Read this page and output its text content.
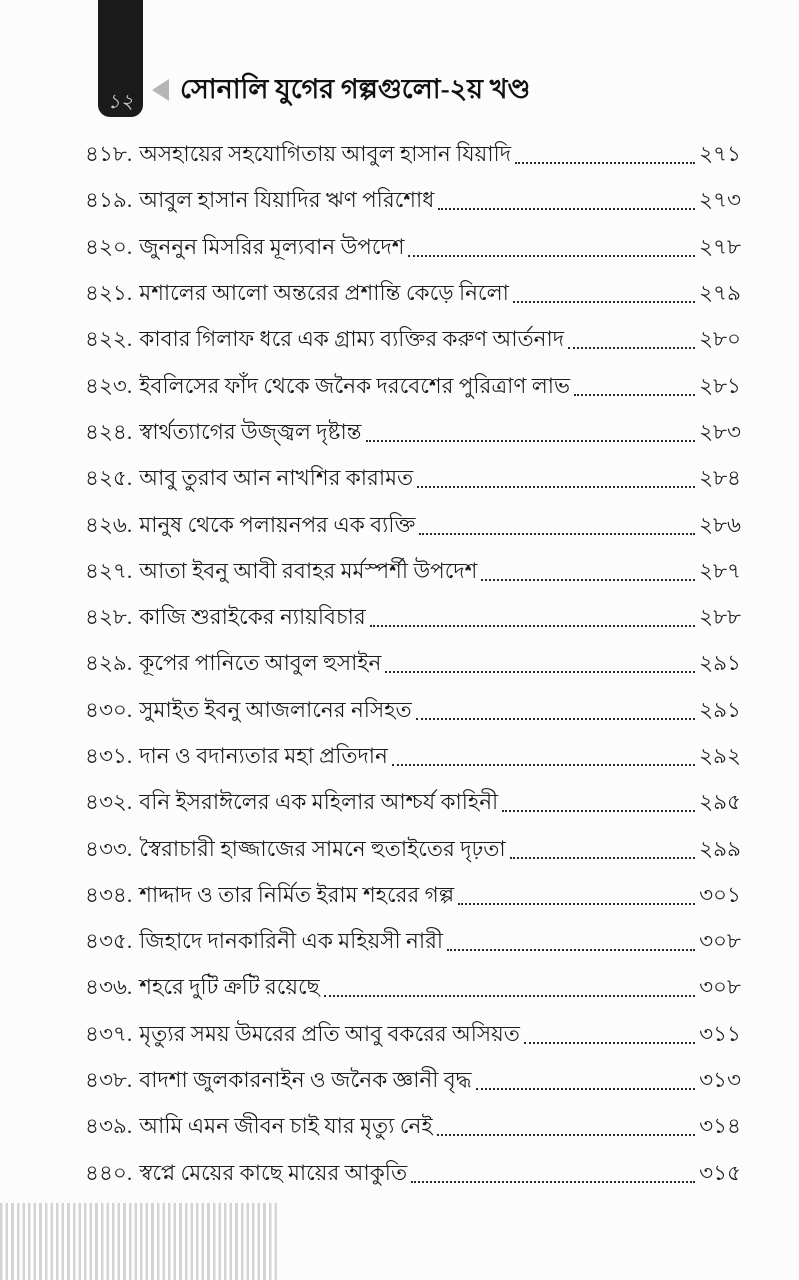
১২ সোনালি যুগের গল্পগুলো-২য় খণ্ড
৪১৮. অসহায়ের সহযোগিতায় আবুল হাসান যিয়াদি	২৭১
৪১৯. আবুল হাসান যিয়াদির ঋণ পরিশোধ	২৭৩
৪২০. জুননুন মিসরির মূল্যবান উপদেশ	২৭৮
৪২১. মশালের আলো অন্তরের প্রশান্তি কেড়ে নিলো	২৭৯
৪২২. কাবার গিলাফ ধরে এক গ্রাম্য ব্যক্তির করুণ আর্তনাদ	২৮০
৪২৩. ইবলিসের ফাঁদ থেকে জনৈক দরবেশের পুরিত্রাণ লাভ	২৮১
৪২৪. স্বার্থত্যাগের উজ্জ্বল দৃষ্টান্ত	২৮৩
৪২৫. আবু তুরাব আন নাখশির কারামত	২৮৪
৪২৬. মানুষ থেকে পলায়নপর এক ব্যক্তি	২৮৬
৪২৭. আতা ইবনু আবী রবাহর মর্মস্পর্শী উপদেশ	২৮৭
৪২৮. কাজি শুরাইকের ন্যায়বিচার	২৮৮
৪২৯. কূপের পানিতে আবুল হুসাইন	২৯১
৪৩০. সুমাইত ইবনু আজলানের নসিহত	২৯১
৪৩১. দান ও বদান্যতার মহা প্রতিদান	২৯২
৪৩২. বনি ইসরাঈলের এক মহিলার আশ্চর্য কাহিনী	২৯৫
৪৩৩. স্বৈরাচারী হাজ্জাজের সামনে হুতাইতের দৃঢ়তা	২৯৯
৪৩৪. শাদ্দাদ ও তার নির্মিত ইরাম শহরের গল্প	৩০১
৪৩৫. জিহাদে দানকারিনী এক মহিয়সী নারী	৩০৮
৪৩৬. শহরে দুটি ক্রটি রয়েছে	৩০৮
৪৩৭. মৃত্যুর সময় উমরের প্রতি আবু বকরের অসিয়ত	৩১১
৪৩৮. বাদশা জুলকারনাইন ও জনৈক জ্ঞানী বৃদ্ধ	৩১৩
৪৩৯. আমি এমন জীবন চাই যার মৃত্যু নেই	৩১৪
৪৪০. স্বপ্নে মেয়ের কাছে মায়ের আকুতি	৩১৫
